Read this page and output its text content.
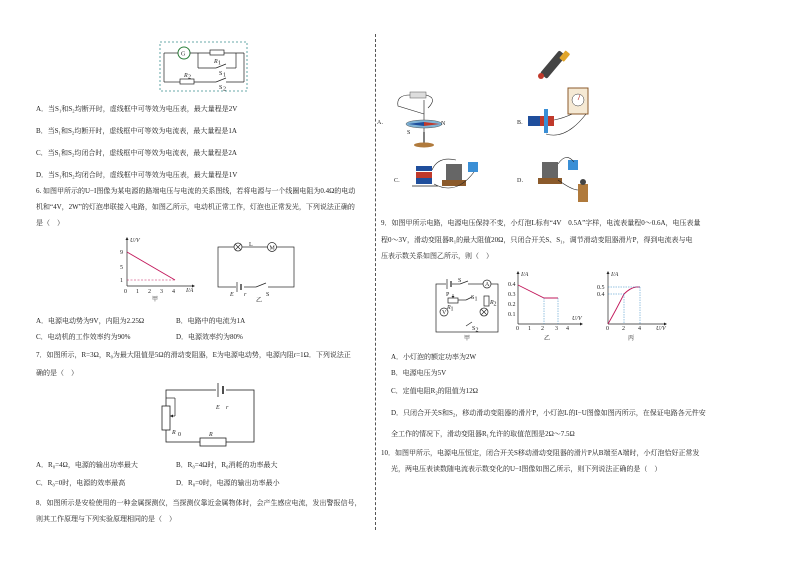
G
R 1
R 2
S 1
S 2
A．当S₁和S₂均断开时，虚线框中可等效为电压表，最大量程是2V
B．当S₁和S₂均断开时，虚线框中可等效为电流表，最大量程是1A
C．当S₁和S₂均闭合时，虚线框中可等效为电流表，最大量程是2A
D．当S₁和S₂均闭合时，虚线框中可等效为电压表，最大量程是1V
6. 如图甲所示的U−I图像为某电源的路端电压与电流的关系图线，若将电源与一个线圈电阻为0.4Ω的电动
机和“4V，2W”的灯泡串联接入电路，如图乙所示，电动机正常工作，灯泡也正常发光，下列说法正确的
是（　）
U/V
I/A
9
5
1
0 1 2 3 4
甲
M
L
E r	S
乙
A．电源电动势为9V，内阻为2.25Ω	B．电路中的电流为1A
C．电动机的工作效率约为90%	D．电源效率约为80%
7．如图所示，R=3Ω，R₀为最大阻值是5Ω的滑动变阻器，E为电源电动势，电源内阻r=1Ω．下列说法正
确的是（　）
E r
R 0	R
A．R₀=4Ω，电源的输出功率最大	B．R₀=4Ω时，R₀消耗的功率最大
C．R₀=0时，电源的效率最高	D．R₀=0时，电源的输出功率最小
8．如图所示是安检使用的一种金属探测仪，当探测仪靠近金属物体时，会产生感应电流，发出警报信号，
则其工作原理与下列实验原理相同的是（　）
A．
S
N	B．
C．	D．
9．如图甲所示电路，电源电压保持不变，小灯泡L标有“4V　0.5A”字样，电流表量程0～0.6A，电压表量
程0～3V，滑动变阻器R₁的最大阻值20Ω，只闭合开关S、S₁，调节滑动变阻器滑片P，得到电流表与电
压表示数关系如图乙所示，则（　）
A
V
S
S 1
P
R 1
R 2
S 2
甲
I/A
U/V
0.4
0.3
0.2
0.1
0 1 2 3 4
乙
I/A
U/V
0.5
0.4
0 2 4
丙
A．小灯泡的额定功率为2W
B．电源电压为5V
C．定值电阻R₂的阻值为12Ω
D．只闭合开关S和S₂，移动滑动变阻器的滑片P，小灯泡L的I−U图像如图丙所示，在保证电路各元件安
全工作的情况下，滑动变阻器R₁允许的取值范围是2Ω～7.5Ω
10．如图甲所示，电源电压恒定，闭合开关S移动滑动变阻器的滑片P从B端至A端时，小灯泡恰好正常发
光，两电压表读数随电流表示数变化的U−I图像如图乙所示，则下列说法正确的是（　）
